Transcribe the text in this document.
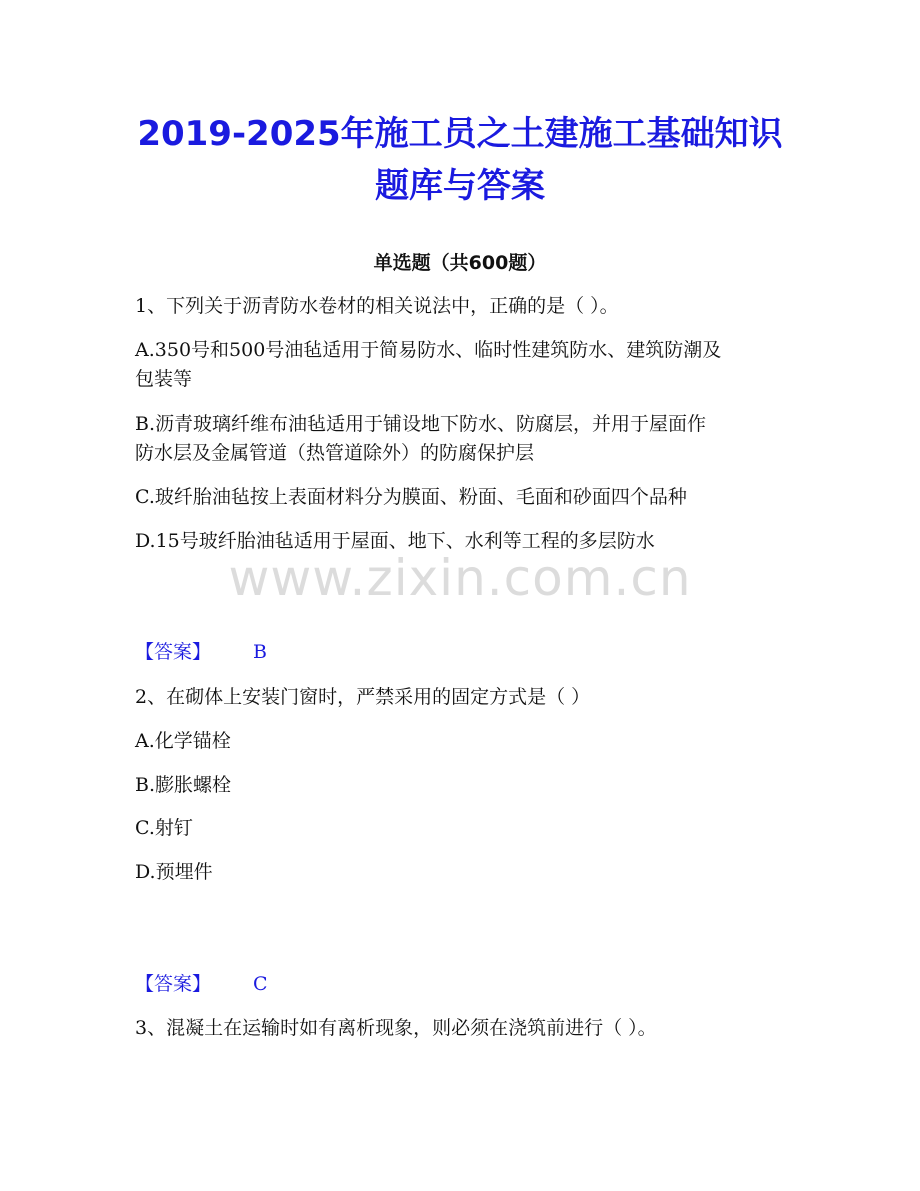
2019-2025年施工员之土建施工基础知识
题库与答案
单选题（共600题）
1、下列关于沥青防水卷材的相关说法中，正确的是（ ）。
A.350号和500号油毡适用于简易防水、临时性建筑防水、建筑防潮及
包装等
B.沥青玻璃纤维布油毡适用于铺设地下防水、防腐层，并用于屋面作
防水层及金属管道（热管道除外）的防腐保护层
C.玻纤胎油毡按上表面材料分为膜面、粉面、毛面和砂面四个品种
D.15号玻纤胎油毡适用于屋面、地下、水利等工程的多层防水
www.zixin.com.cn
【答案】 B
2、在砌体上安装门窗时，严禁采用的固定方式是（ ）
A.化学锚栓
B.膨胀螺栓
C.射钉
D.预埋件
【答案】 C
3、混凝土在运输时如有离析现象，则必须在浇筑前进行（ ）。
